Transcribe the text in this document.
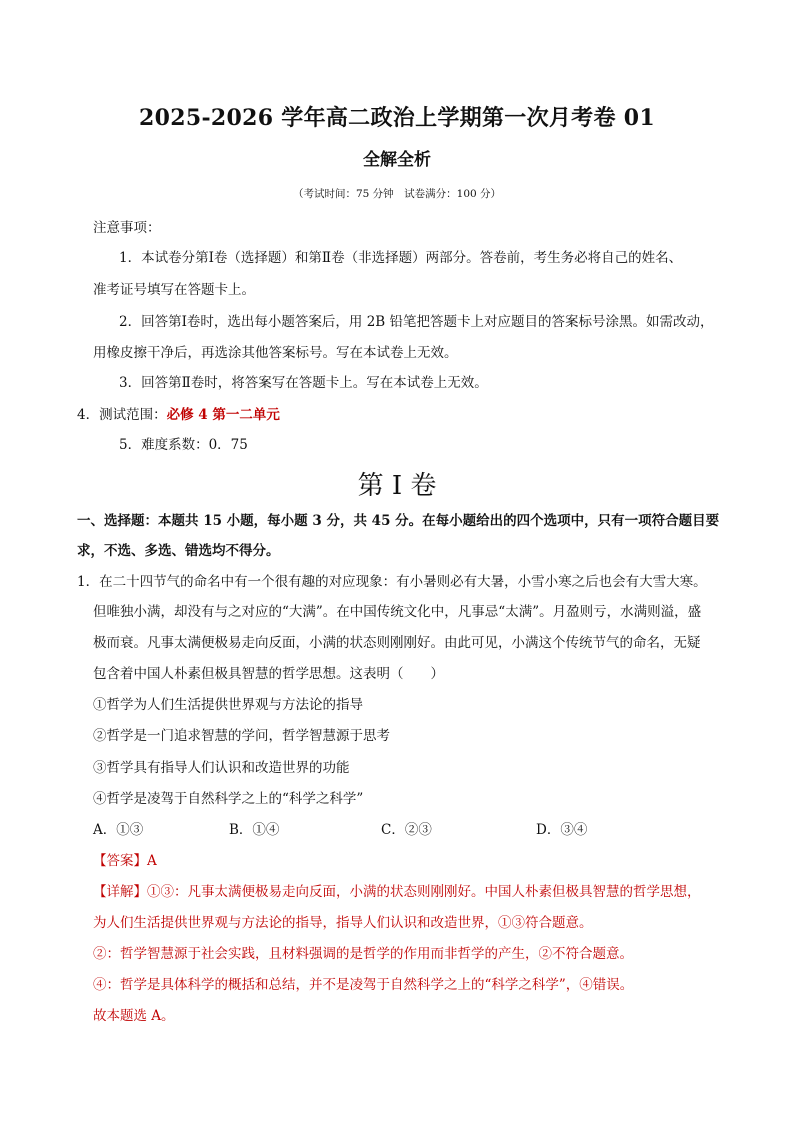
2025-2026 学年高二政治上学期第一次月考卷 01
全解全析
（考试时间：75 分钟　试卷满分：100 分）
注意事项：
1．本试卷分第Ⅰ卷（选择题）和第Ⅱ卷（非选择题）两部分。答卷前，考生务必将自己的姓名、
准考证号填写在答题卡上。
2．回答第Ⅰ卷时，选出每小题答案后，用 2B 铅笔把答题卡上对应题目的答案标号涂黑。如需改动，
用橡皮擦干净后，再选涂其他答案标号。写在本试卷上无效。
3．回答第Ⅱ卷时，将答案写在答题卡上。写在本试卷上无效。
4．测试范围：必修 4 第一二单元
5．难度系数：0．75
第 I 卷
一、选择题：本题共 15 小题，每小题 3 分，共 45 分。在每小题给出的四个选项中，只有一项符合题目要
求，不选、多选、错选均不得分。
1．在二十四节气的命名中有一个很有趣的对应现象：有小暑则必有大暑，小雪小寒之后也会有大雪大寒。
但唯独小满，却没有与之对应的“大满”。在中国传统文化中，凡事忌“太满”。月盈则亏，水满则溢，盛
极而衰。凡事太满便极易走向反面，小满的状态则刚刚好。由此可见，小满这个传统节气的命名，无疑
包含着中国人朴素但极具智慧的哲学思想。这表明（　　）
①哲学为人们生活提供世界观与方法论的指导
②哲学是一门追求智慧的学问，哲学智慧源于思考
③哲学具有指导人们认识和改造世界的功能
④哲学是凌驾于自然科学之上的“科学之科学”
A．①③	B．①④	C．②③	D．③④
【答案】A
【详解】①③：凡事太满便极易走向反面，小满的状态则刚刚好。中国人朴素但极具智慧的哲学思想，
为人们生活提供世界观与方法论的指导，指导人们认识和改造世界，①③符合题意。
②：哲学智慧源于社会实践，且材料强调的是哲学的作用而非哲学的产生，②不符合题意。
④：哲学是具体科学的概括和总结，并不是凌驾于自然科学之上的“科学之科学”，④错误。
故本题选 A。
